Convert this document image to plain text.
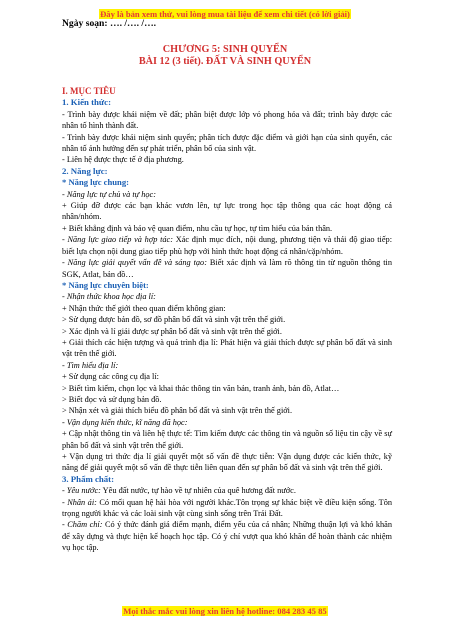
Đây là bản xem thử, vui lòng mua tài liệu để xem chi tiết (có lời giải)
Ngày soạn: …. /…. /….
CHƯƠNG 5: SINH QUYỂN
BÀI 12 (3 tiết). ĐẤT VÀ SINH QUYỂN

I. MỤC TIÊU

1. Kiến thức:

- Trình bày được khái niệm về đất; phân biệt được lớp vỏ phong hóa và đất; trình bày được các nhân tố hình thành đất.

- Trình bày được khái niệm sinh quyển; phân tích được đặc điểm và giới hạn của sinh quyển, các nhân tố ảnh hưởng đến sự phát triển, phân bố của sinh vật.

- Liên hệ được thực tế ở địa phương.

2. Năng lực:

* Năng lực chung:

- Năng lực tự chủ và tự học:

+ Giúp đỡ được các bạn khác vươn lên, tự lực trong học tập thông qua các hoạt động cá nhân/nhóm.

+ Biết khẳng định và bảo vệ quan điểm, nhu cầu tự học, tự tìm hiểu của bản thân.

- Năng lực giao tiếp và hợp tác: Xác định mục đích, nội dung, phương tiện và thái độ giao tiếp: biết lựa chọn nội dung giao tiếp phù hợp với hình thức hoạt động cá nhân/cặp/nhóm.

- Năng lực giải quyết vấn đề và sáng tạo: Biết xác định và làm rõ thông tin từ nguồn thông tin SGK, Atlat, bản đồ…

* Năng lực chuyên biệt:

- Nhận thức khoa học địa lí:

+ Nhận thức thế giới theo quan điểm không gian:

> Sử dụng được bản đồ, sơ đồ phân bố đất và sinh vật trên thế giới.

> Xác định và lí giải được sự phân bố đất và sinh vật trên thế giới.

+ Giải thích các hiện tượng và quá trình địa lí: Phát hiện và giải thích được sự phân bố đất và sinh vật trên thế giới.

- Tìm hiểu địa lí:

+ Sử dụng các công cụ địa lí:

> Biết tìm kiếm, chọn lọc và khai thác thông tin văn bản, tranh ảnh, bản đồ, Atlat…

> Biết đọc và sử dụng bản đồ.

> Nhận xét và giải thích biểu đồ phân bố đất và sinh vật trên thế giới.

- Vận dụng kiến thức, kĩ năng đã học:

+ Cập nhật thông tin và liên hệ thực tế: Tìm kiếm được các thông tin và nguồn số liệu tin cậy về sự phân bố đất và sinh vật trên thế giới.

+ Vận dụng tri thức địa lí giải quyết một số vấn đề thực tiễn: Vận dụng được các kiến thức, kỹ năng để giải quyết một số vấn đề thực tiễn liên quan đến sự phân bố đất và sinh vật trên thế giới.

3. Phẩm chất:

- Yêu nước: Yêu đất nước, tự hào về tự nhiên của quê hương đất nước.

- Nhân ái: Có mối quan hệ hài hòa với người khác.Tôn trọng sự khác biệt về điều kiện sống. Tôn trọng người khác và các loài sinh vật cùng sinh sống trên Trái Đất.

- Chăm chỉ: Có ý thức đánh giá điểm mạnh, điểm yếu của cá nhân; Những thuận lợi và khó khăn để xây dựng và thực hiện kế hoạch học tập. Có ý chí vượt qua khó khăn để hoàn thành các nhiệm vụ học tập.

Mọi thắc mắc vui lòng xin liên hệ hotline: 084 283 45 85
